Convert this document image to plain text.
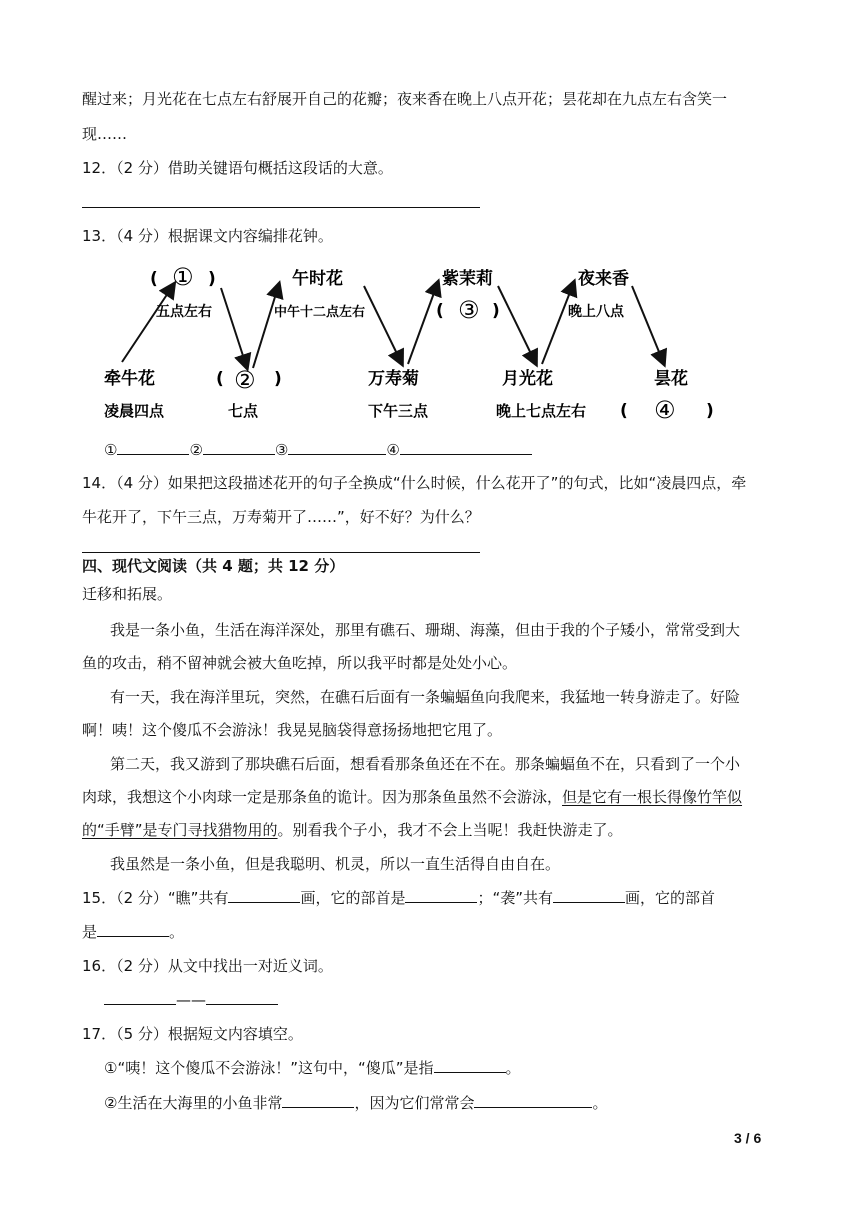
醒过来；月光花在七点左右舒展开自己的花瓣；夜来香在晚上八点开花；昙花却在九点左右含笑一
现……
12．（2 分）借助关键语句概括这段话的大意。
13．（4 分）根据课文内容编排花钟。
牵牛花
午时花
万寿菊
紫茉莉
月光花
夜来香
昙花
凌晨四点
五点左右
七点
中午十二点左右
下午三点	晚上七点左右
晚上八点
( ① )
( ② )
( ③ )
( ④ )
①	②	③	④
14．（4 分）如果把这段描述花开的句子全换成“什么时候，什么花开了”的句式，比如“凌晨四点，牵
牛花开了，下午三点，万寿菊开了……”，好不好？为什么？
四、现代文阅读（共 4 题；共 12 分）
迁移和拓展。
我是一条小鱼，生活在海洋深处，那里有礁石、珊瑚、海藻，但由于我的个子矮小，常常受到大
鱼的攻击，稍不留神就会被大鱼吃掉，所以我平时都是处处小心。
有一天，我在海洋里玩，突然，在礁石后面有一条蝙蝠鱼向我爬来，我猛地一转身游走了。好险
啊！咦！这个傻瓜不会游泳！我晃晃脑袋得意扬扬地把它甩了。
第二天，我又游到了那块礁石后面，想看看那条鱼还在不在。那条蝙蝠鱼不在，只看到了一个小
肉球，我想这个小肉球一定是那条鱼的诡计。因为那条鱼虽然不会游泳，但是它有一根长得像竹竿似
的“手臂”是专门寻找猎物用的。别看我个子小，我才不会上当呢！我赶快游走了。
我虽然是一条小鱼，但是我聪明、机灵，所以一直生活得自由自在。
15．（2 分）“瞧”共有	画，它的部首是	；“袭”共有	画，它的部首
是	。
16．（2 分）从文中找出一对近义词。
——
17．（5 分）根据短文内容填空。
①“咦！这个傻瓜不会游泳！”这句中，“傻瓜”是指	。
②生活在大海里的小鱼非常	，因为它们常常会	。
3 / 6
